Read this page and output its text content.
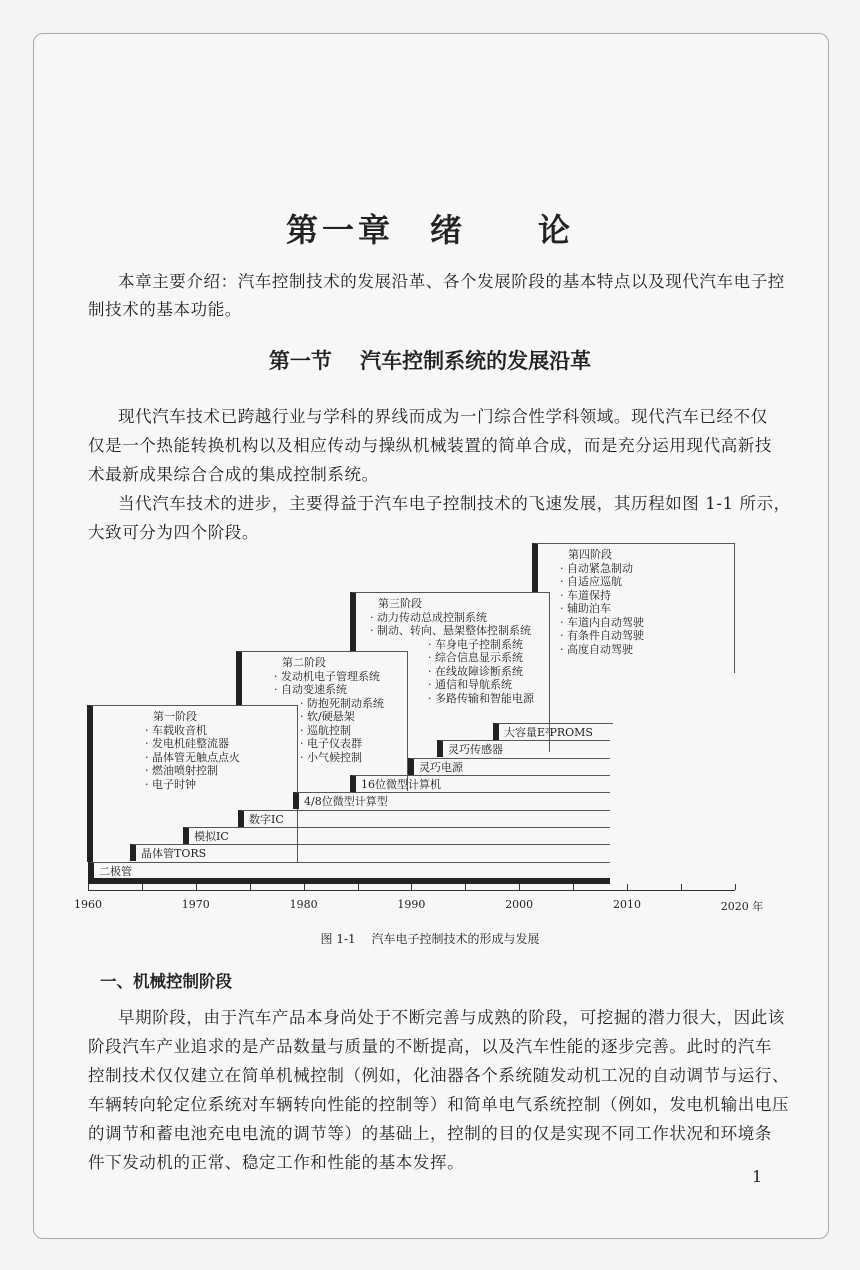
第一章　绪　　论
本章主要介绍：汽车控制技术的发展沿革、各个发展阶段的基本特点以及现代汽车电子控
制技术的基本功能。
第一节　 汽车控制系统的发展沿革
现代汽车技术已跨越行业与学科的界线而成为一门综合性学科领域。现代汽车已经不仅
仅是一个热能转换机构以及相应传动与操纵机械装置的简单合成，而是充分运用现代高新技
术最新成果综合合成的集成控制系统。
当代汽车技术的进步，主要得益于汽车电子控制技术的飞速发展，其历程如图 1-1 所示，
大致可分为四个阶段。
第一阶段
· 车载收音机
· 发电机硅整流器
· 晶体管无触点点火
· 燃油喷射控制
· 电子时钟
第二阶段
· 发动机电子管理系统
· 自动变速系统
· 防抱死制动系统
· 软/硬悬架
· 巡航控制
· 电子仪表群
· 小气候控制
第三阶段
· 动力传动总成控制系统
· 制动、转向、悬架整体控制系统
· 车身电子控制系统
· 综合信息显示系统
· 在线故障诊断系统
· 通信和导航系统
· 多路传输和智能电源
第四阶段
· 自动紧急制动
· 自适应巡航
· 车道保持
· 辅助泊车
· 车道内自动驾驶
· 有条件自动驾驶
· 高度自动驾驶
二极管
晶体管TORS
模拟IC
数字IC
4/8位微型计算型
16位微型计算机
灵巧电源
灵巧传感器
大容量E²PROMS
1960	1970	1980	1990	2000	2010	2020 年
图 1-1　 汽车电子控制技术的形成与发展
一、机械控制阶段
早期阶段，由于汽车产品本身尚处于不断完善与成熟的阶段，可挖掘的潜力很大，因此该
阶段汽车产业追求的是产品数量与质量的不断提高，以及汽车性能的逐步完善。此时的汽车
控制技术仅仅建立在简单机械控制（例如，化油器各个系统随发动机工况的自动调节与运行、
车辆转向轮定位系统对车辆转向性能的控制等）和简单电气系统控制（例如，发电机输出电压
的调节和蓄电池充电电流的调节等）的基础上，控制的目的仅是实现不同工作状况和环境条
件下发动机的正常、稳定工作和性能的基本发挥。
1
